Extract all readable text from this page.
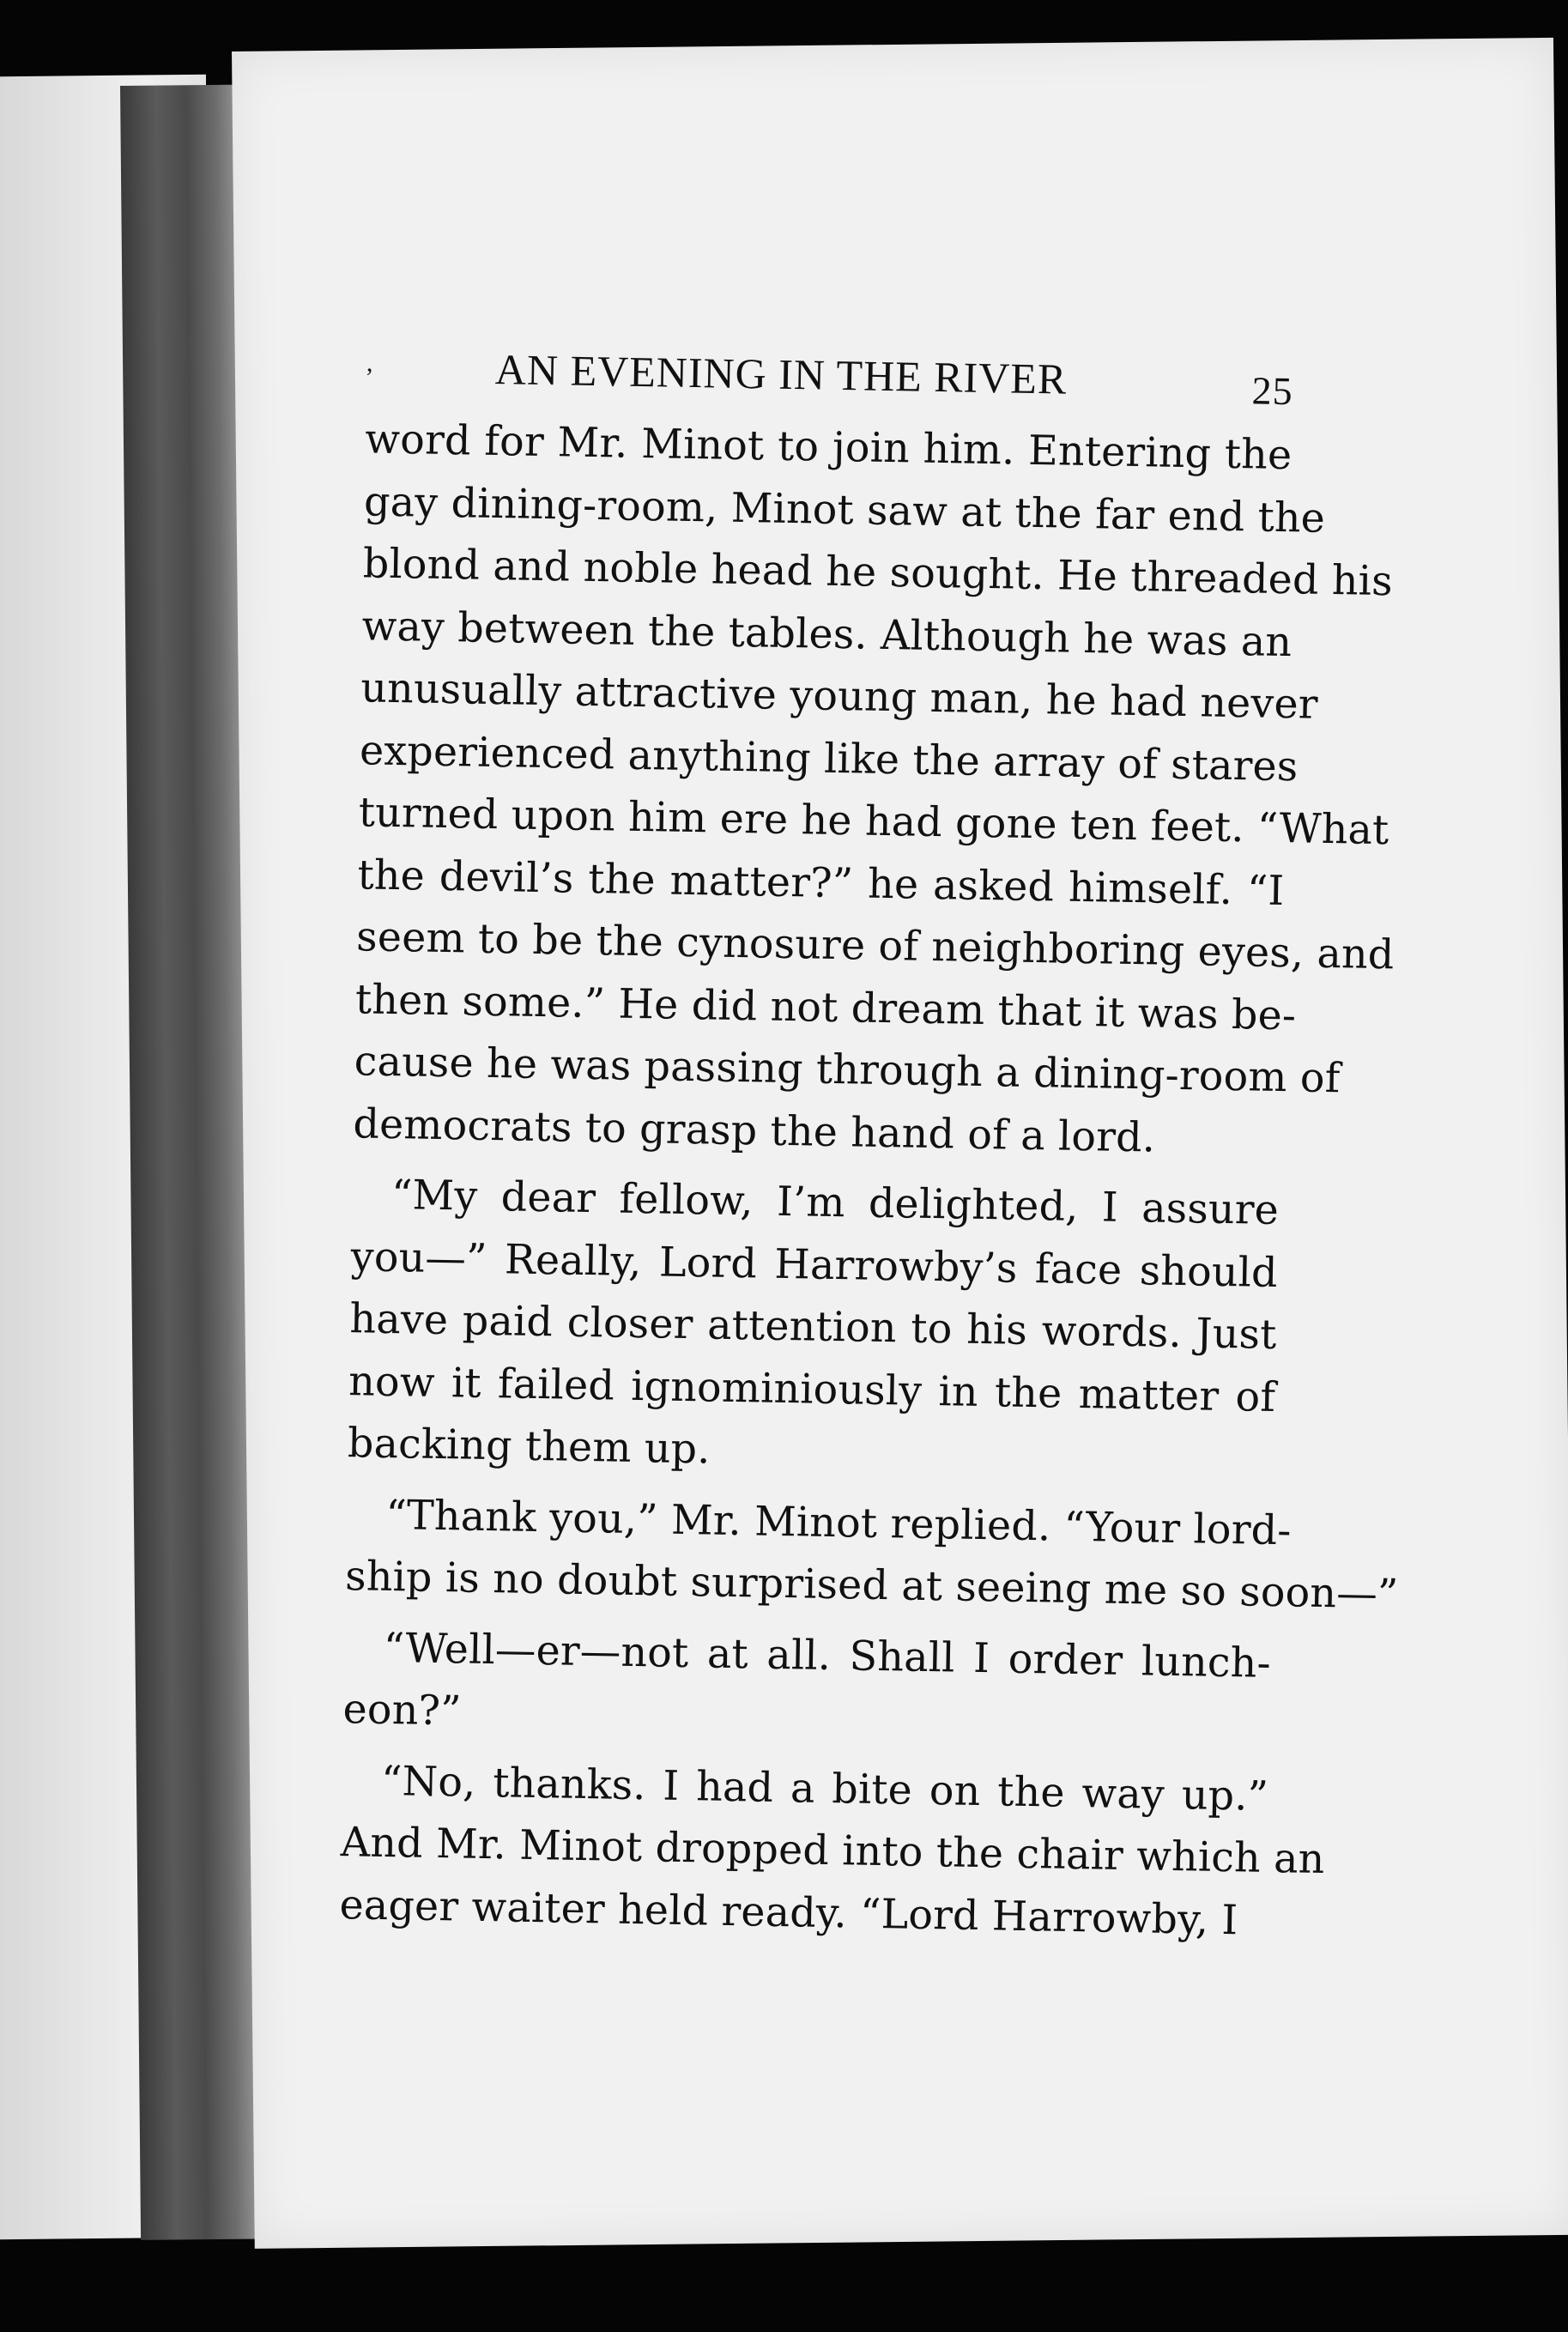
,	AN EVENING IN THE RIVER	25
word for Mr. Minot to join him. Entering the
gay dining-room, Minot saw at the far end the
blond and noble head he sought. He threaded his
way between the tables. Although he was an
unusually attractive young man, he had never
experienced anything like the array of stares
turned upon him ere he had gone ten feet. “What
the devil’s the matter?” he asked himself. “I
seem to be the cynosure of neighboring eyes, and
then some.” He did not dream that it was be-
cause he was passing through a dining-room of
democrats to grasp the hand of a lord.
“My dear fellow, I’m delighted, I assure
you—” Really, Lord Harrowby’s face should
have paid closer attention to his words. Just
now it failed ignominiously in the matter of
backing them up.
“Thank you,” Mr. Minot replied. “Your lord-
ship is no doubt surprised at seeing me so soon—”
“Well—er—not at all. Shall I order lunch-
eon?”
“No, thanks. I had a bite on the way up.”
And Mr. Minot dropped into the chair which an
eager waiter held ready. “Lord Harrowby, I
